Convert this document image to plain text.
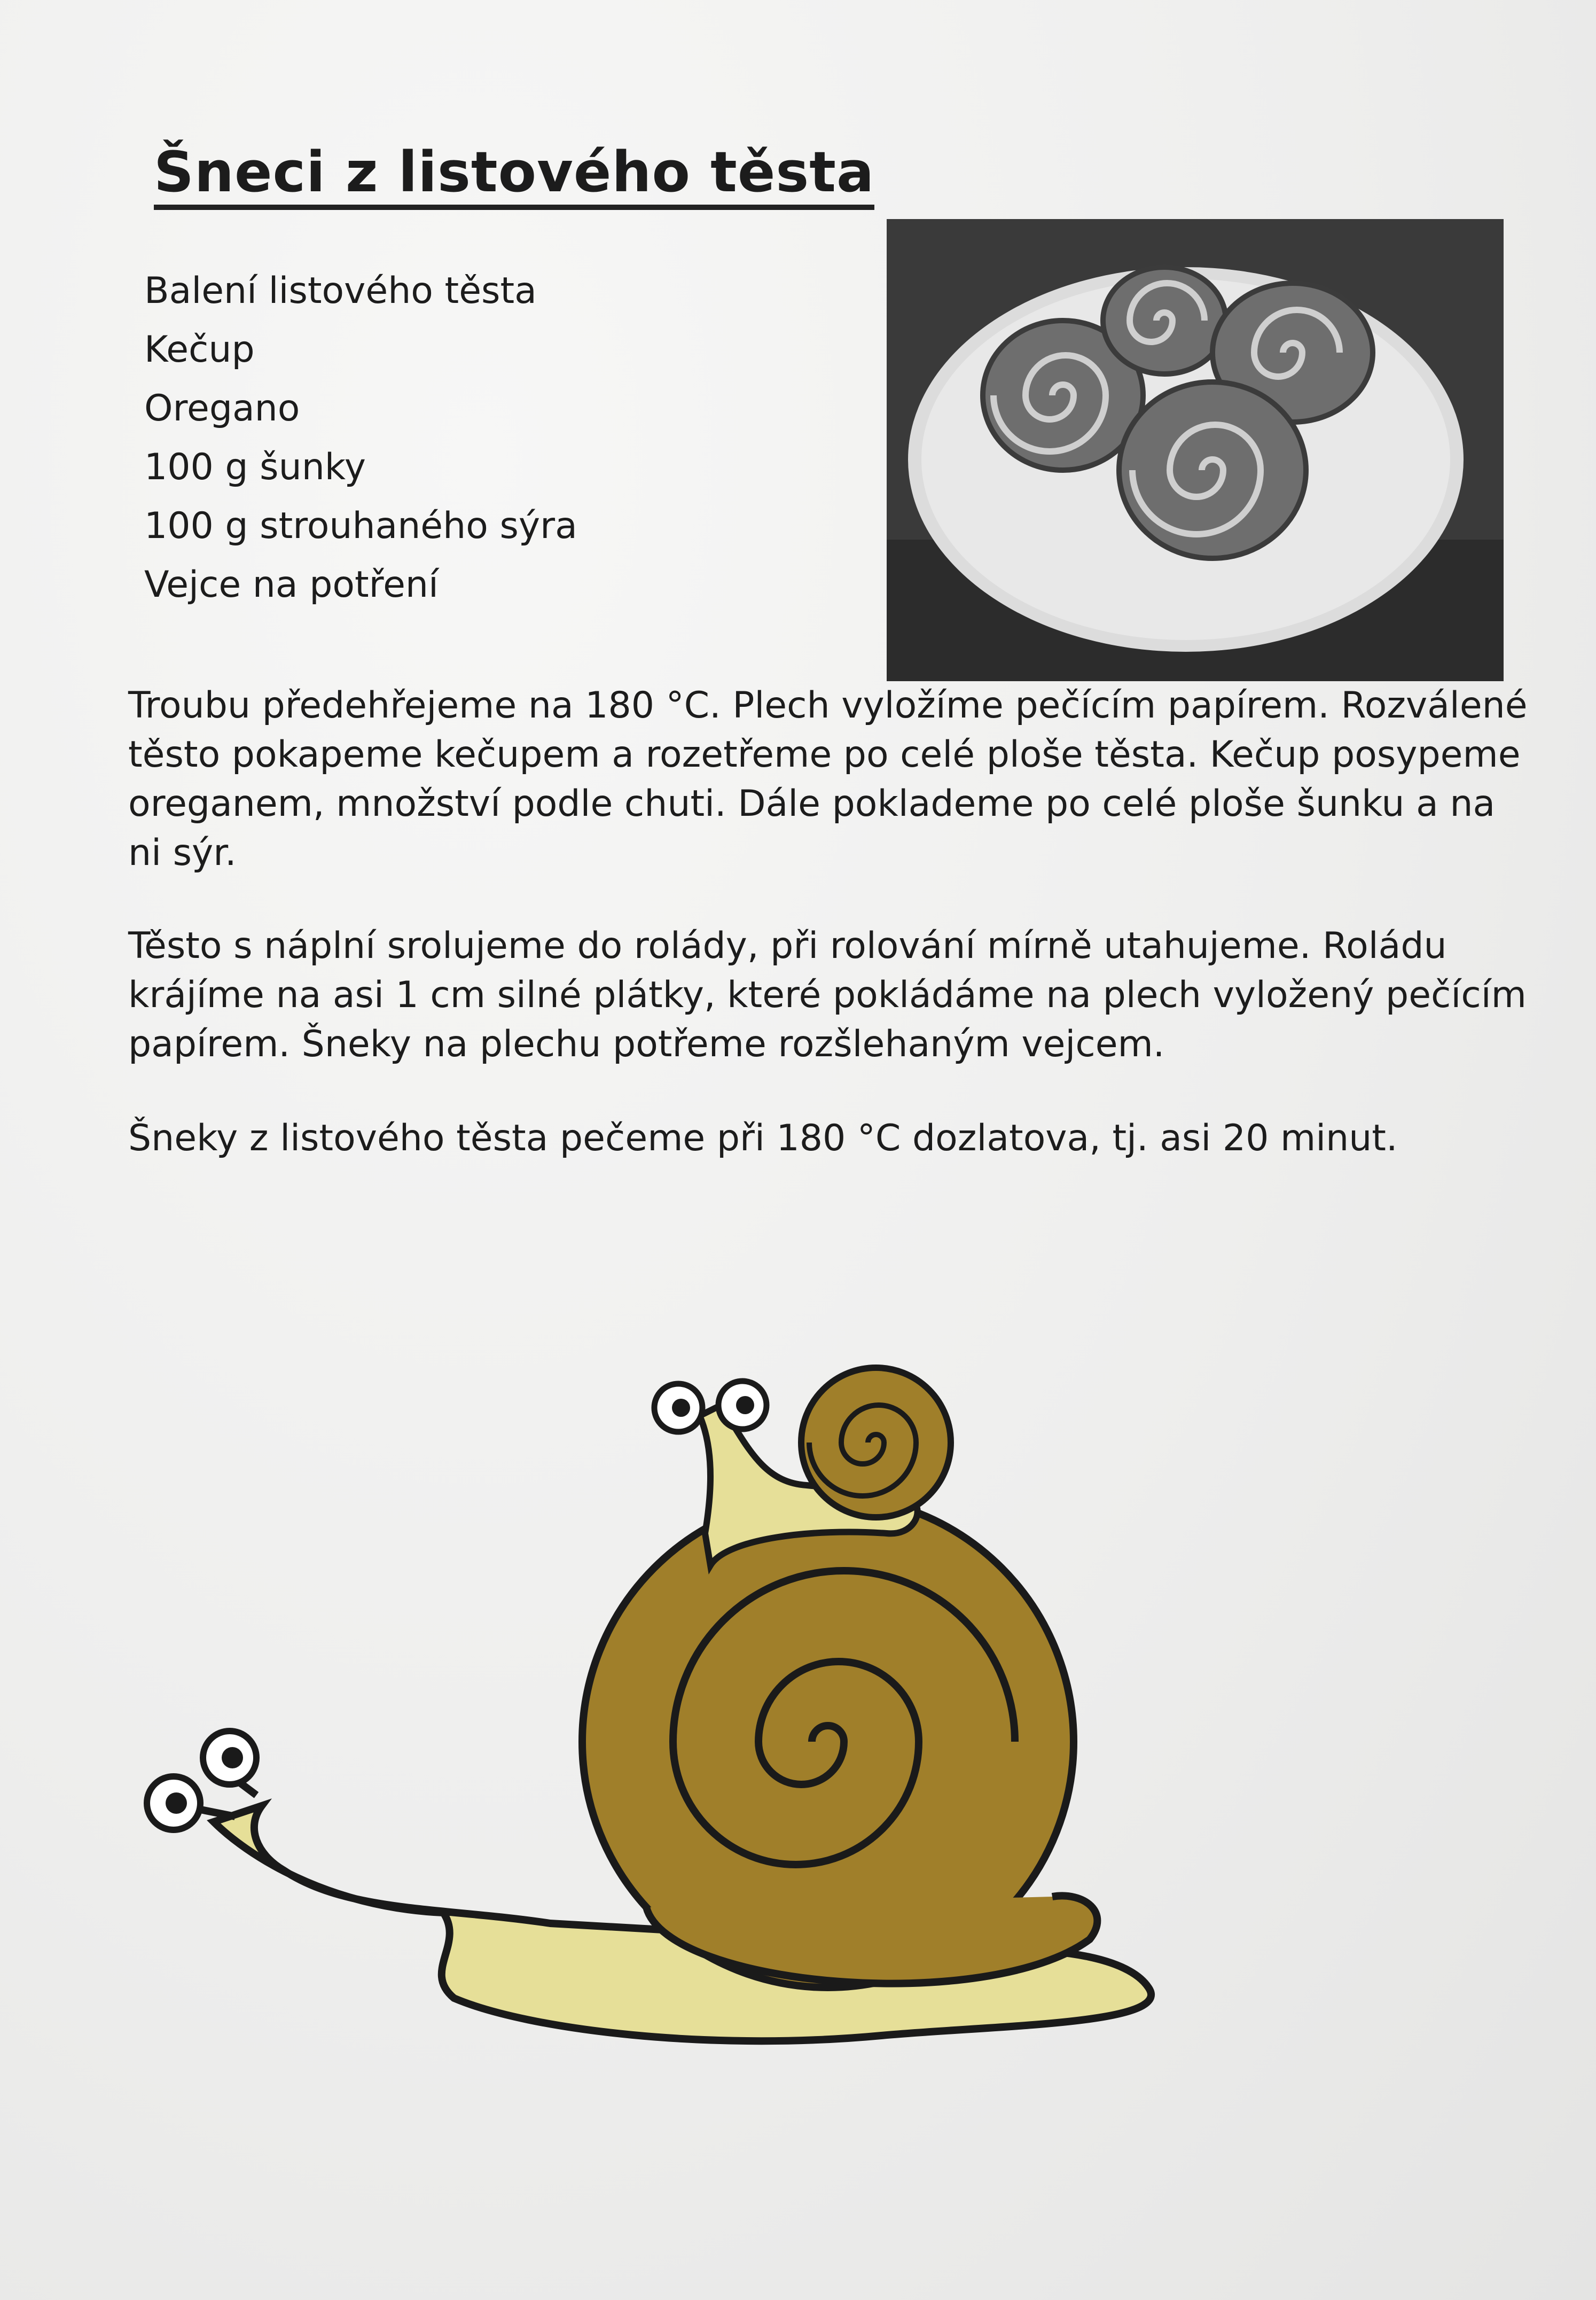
Šneci z listového těsta
Balení listového těsta
Kečup
Oregano
100 g šunky
100 g strouhaného sýra
Vejce na potření

Troubu předehřejeme na 180 °C. Plech vyložíme pečícím papírem. Rozválené těsto pokapeme kečupem a rozetřeme po celé ploše těsta. Kečup posypeme oreganem, množství podle chuti. Dále poklademe po celé ploše šunku a na ni sýr.

Těsto s náplní srolujeme do rolády, při rolování mírně utahujeme. Roládu krájíme na asi 1 cm silné plátky, které pokládáme na plech vyložený pečícím papírem. Šneky na plechu potřeme rozšlehaným vejcem.

Šneky z listového těsta pečeme při 180 °C dozlatova, tj. asi 20 minut.
